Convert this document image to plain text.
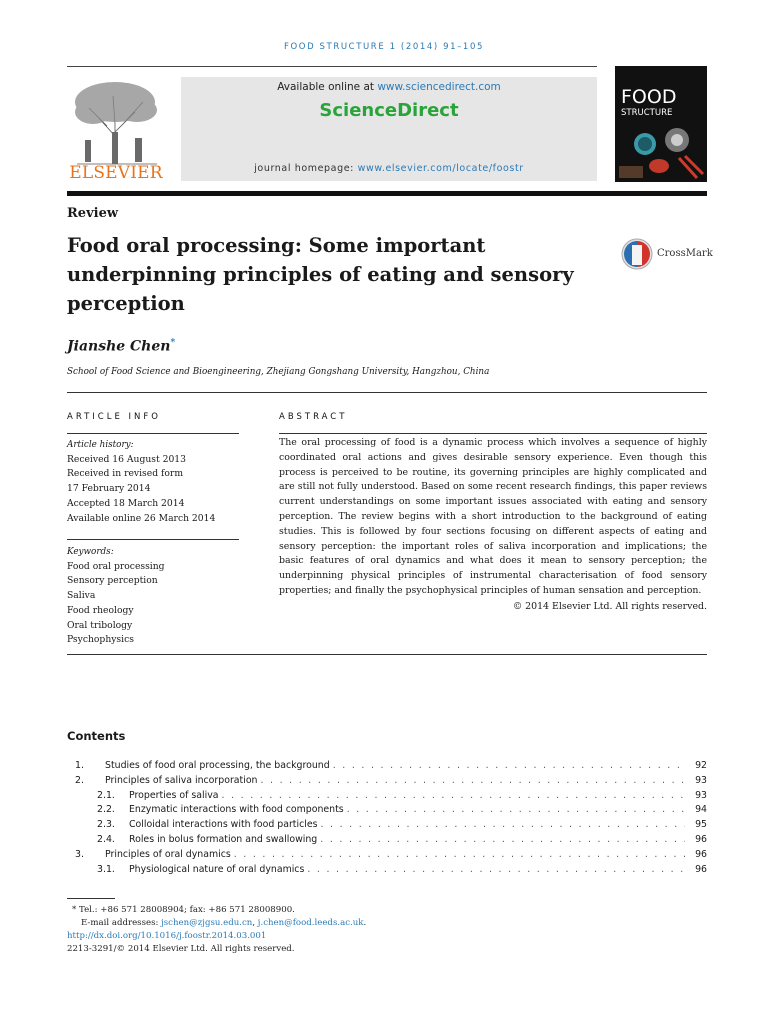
FOOD STRUCTURE 1 (2014) 91–105
ELSEVIER
Available online at www.sciencedirect.com
ScienceDirect
journal homepage: www.elsevier.com/locate/foostr
FOOD
STRUCTURE
Review
Food oral processing: Some important underpinning principles of eating and sensory perception
CrossMark
Jianshe Chen*
School of Food Science and Bioengineering, Zhejiang Gongshang University, Hangzhou, China
ARTICLE INFO
Article history:
Received 16 August 2013
Received in revised form
17 February 2014
Accepted 18 March 2014
Available online 26 March 2014
Keywords:
Food oral processing
Sensory perception
Saliva
Food rheology
Oral tribology
Psychophysics
ABSTRACT
The oral processing of food is a dynamic process which involves a sequence of highly coordinated oral actions and gives desirable sensory experience. Even though this process is perceived to be routine, its governing principles are highly complicated and are still not fully understood. Based on some recent research findings, this paper reviews current understandings on some important issues associated with eating and sensory perception. The review begins with a short introduction to the background of eating studies. This is followed by four sections focusing on different aspects of eating and sensory perception: the important roles of saliva incorporation and implications; the basic features of oral dynamics and what does it mean to sensory perception; the underpinning physical principles of instrumental characterisation of food sensory properties; and finally the psychophysical principles of human sensation and perception.
© 2014 Elsevier Ltd. All rights reserved.
Contents
1.	Studies of food oral processing, the background . . .	92
2.	Principles of saliva incorporation . . .	93
2.1.	Properties of saliva . . .	93
2.2.	Enzymatic interactions with food components . . .	94
2.3.	Colloidal interactions with food particles . . .	95
2.4.	Roles in bolus formation and swallowing . . .	96
3.	Principles of oral dynamics . . .	96
3.1.	Physiological nature of oral dynamics . . .	96
* Tel.: +86 571 28008904; fax: +86 571 28008900.
E-mail addresses: jschen@zjgsu.edu.cn, j.chen@food.leeds.ac.uk.
http://dx.doi.org/10.1016/j.foostr.2014.03.001
2213-3291/© 2014 Elsevier Ltd. All rights reserved.
